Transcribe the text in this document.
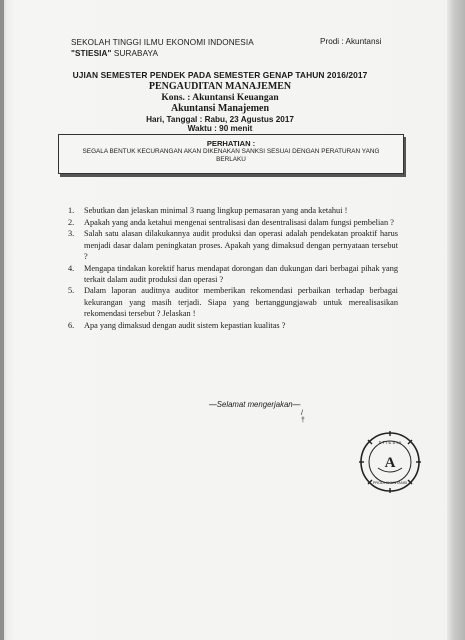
SEKOLAH TINGGI ILMU EKONOMI INDONESIA
"STIESIA" SURABAYA
Prodi : Akuntansi
UJIAN SEMESTER PENDEK PADA SEMESTER GENAP TAHUN 2016/2017
PENGAUDITAN MANAJEMEN
Kons. : Akuntansi Keuangan
Akuntansi Manajemen
Hari, Tanggal : Rabu, 23 Agustus 2017
Waktu : 90 menit
PERHATIAN :
SEGALA BENTUK KECURANGAN AKAN DIKENAKAN SANKSI SESUAI DENGAN PERATURAN YANG BERLAKU
1.	Sebutkan dan jelaskan minimal 3 ruang lingkup pemasaran yang anda ketahui !
2.	Apakah yang anda ketahui mengenai sentralisasi dan desentralisasi dalam fungsi pembelian ?
3.	Salah satu alasan dilakukannya audit produksi dan operasi adalah pendekatan proaktif harus menjadi dasar dalam peningkatan proses. Apakah yang dimaksud dengan pernyataan tersebut ?
4.	Mengapa tindakan korektif harus mendapat dorongan dan dukungan dari berbagai pihak yang terkait dalam audit produksi dan operasi ?
5.	Dalam laporan auditnya auditor memberikan rekomendasi perbaikan terhadap berbagai kekurangan yang masih terjadi. Siapa yang bertanggungjawab untuk merealisasikan rekomendasi tersebut ? Jelaskan !
6.	Apa yang dimaksud dengan audit sistem kepastian kualitas ?
—Selamat mengerjakan—
/†
A
S T I E S I A
PRODI AKUNTANSI
